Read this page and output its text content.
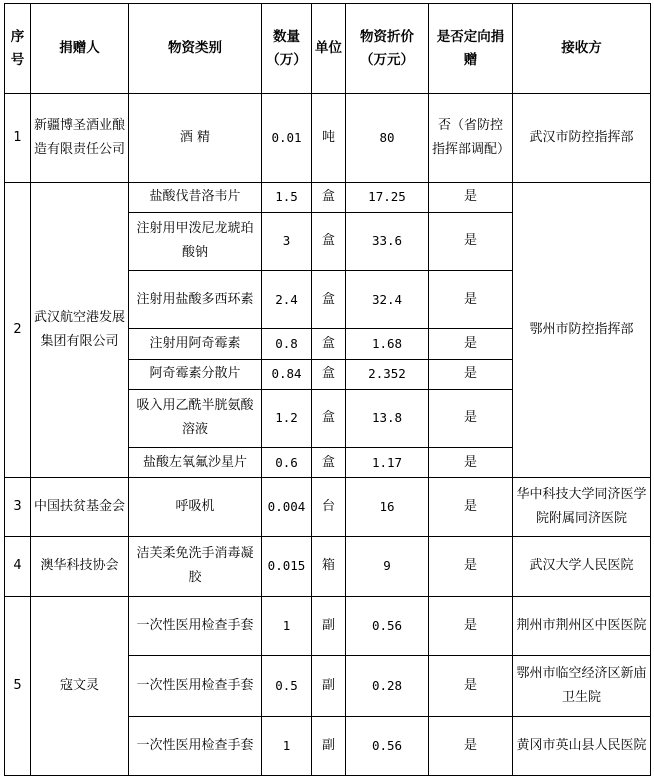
序号	捐赠人	物资类别	数量（万）	单位	物资折价（万元）	是否定向捐赠	接收方
1	新疆博圣酒业酿造有限责任公司	酒 精	0.01	吨	80	否（省防控指挥部调配）	武汉市防控指挥部
2	武汉航空港发展集团有限公司	盐酸伐昔洛韦片	1.5	盒	17.25	是	鄂州市防控指挥部
		注射用甲泼尼龙琥珀酸钠	3	盒	33.6	是	
		注射用盐酸多西环素	2.4	盒	32.4	是	
		注射用阿奇霉素	0.8	盒	1.68	是	
		阿奇霉素分散片	0.84	盒	2.352	是	
		吸入用乙酰半胱氨酸溶液	1.2	盒	13.8	是	
		盐酸左氧氟沙星片	0.6	盒	1.17	是	
3	中国扶贫基金会	呼吸机	0.004	台	16	是	华中科技大学同济医学院附属同济医院
4	澳华科技协会	洁芙柔免洗手消毒凝胶	0.015	箱	9	是	武汉大学人民医院
5	寇文灵	一次性医用检查手套	1	副	0.56	是	荆州市荆州区中医医院
		一次性医用检查手套	0.5	副	0.28	是	鄂州市临空经济区新庙卫生院
		一次性医用检查手套	1	副	0.56	是	黄冈市英山县人民医院
